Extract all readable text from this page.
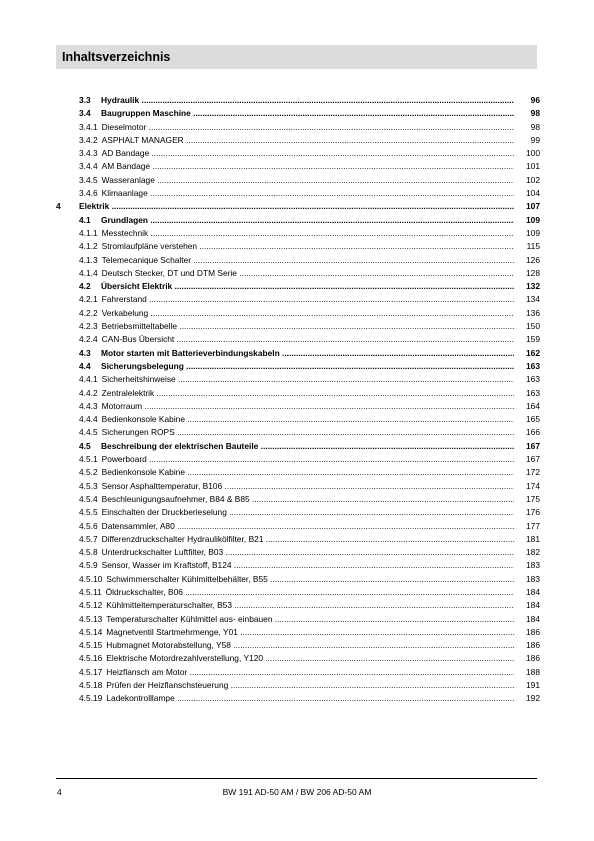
Inhaltsverzeichnis
3.3 Hydraulik .....	96
3.4 Baugruppen Maschine .....	98
3.4.1 Dieselmotor .....	98
3.4.2 ASPHALT MANAGER .....	99
3.4.3 AD Bandage .....	100
3.4.4 AM Bandage .....	101
3.4.5 Wasseranlage .....	102
3.4.6 Klimaanlage .....	104
4 Elektrik .....	107
4.1 Grundlagen .....	109
4.1.1 Messtechnik .....	109
4.1.2 Stromlaufpläne verstehen .....	115
4.1.3 Telemecanique Schalter .....	126
4.1.4 Deutsch Stecker, DT und DTM Serie .....	128
4.2 Übersicht Elektrik .....	132
4.2.1 Fahrerstand .....	134
4.2.2 Verkabelung .....	136
4.2.3 Betriebsmitteltabelle .....	150
4.2.4 CAN-Bus Übersicht .....	159
4.3 Motor starten mit Batterieverbindungskabeln .....	162
4.4 Sicherungsbelegung .....	163
4.4.1 Sicherheitshinweise .....	163
4.4.2 Zentralelektrik .....	163
4.4.3 Motorraum .....	164
4.4.4 Bedienkonsole Kabine .....	165
4.4.5 Sicherungen ROPS .....	166
4.5 Beschreibung der elektrischen Bauteile .....	167
4.5.1 Powerboard .....	167
4.5.2 Bedienkonsole Kabine .....	172
4.5.3 Sensor Asphalttemperatur, B106 .....	174
4.5.4 Beschleunigungsaufnehmer, B84 & B85 .....	175
4.5.5 Einschalten der Druckberieselung .....	176
4.5.6 Datensammler, A80 .....	177
4.5.7 Differenzdruckschalter Hydraulikölfilter, B21 .....	181
4.5.8 Unterdruckschalter Luftfilter, B03 .....	182
4.5.9 Sensor, Wasser im Kraftstoff, B124 .....	183
4.5.10 Schwimmerschalter Kühlmittelbehälter, B55 .....	183
4.5.11 Öldruckschalter, B06 .....	184
4.5.12 Kühlmitteltemperaturschalter, B53 .....	184
4.5.13 Temperaturschalter Kühlmittel aus- einbauen .....	184
4.5.14 Magnetventil Startmehrmenge, Y01 .....	186
4.5.15 Hubmagnet Motorabstellung, Y58 .....	186
4.5.16 Elektrische Motordrezahlverstellung, Y120 .....	186
4.5.17 Heizflansch am Motor .....	188
4.5.18 Prüfen der Heizflanschsteuerung .....	191
4.5.19 Ladekontrolllampe .....	192
4	BW 191 AD-50 AM / BW 206 AD-50 AM
